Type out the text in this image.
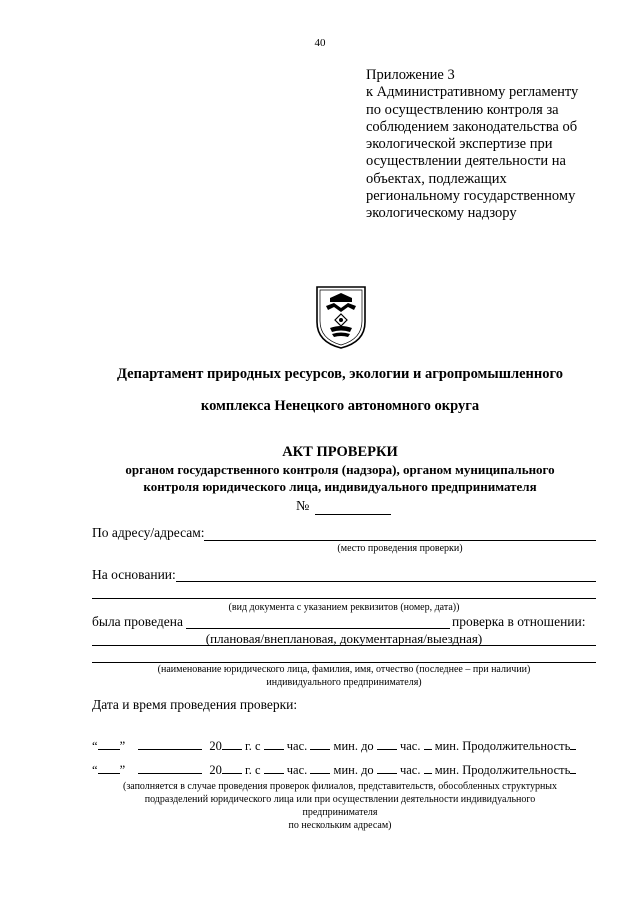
40
Приложение 3
к Административному регламенту
по осуществлению контроля за
соблюдением законодательства об
экологической экспертизе при
осуществлении деятельности на
объектах, подлежащих
региональному государственному
экологическому надзору
Департамент природных ресурсов, экологии и агропромышленного
комплекса Ненецкого автономного округа
АКТ ПРОВЕРКИ
органом государственного контроля (надзора), органом муниципального
контроля юридического лица, индивидуального предпринимателя
№
По адресу/адресам:
(место проведения проверки)
На основании:
(вид документа с указанием реквизитов (номер, дата))
была проведена	проверка в отношении:
(плановая/внеплановая, документарная/выездная)
(наименование юридического лица, фамилия, имя, отчество (последнее – при наличии)
индивидуального предпринимателя)
Дата и время проведения проверки:
“ ”	20 г. с час. мин. до час. мин. Продолжительность
“ ”	20 г. с час. мин. до час. мин. Продолжительность
(заполняется в случае проведения проверок филиалов, представительств, обособленных структурных
подразделений юридического лица или при осуществлении деятельности индивидуального
предпринимателя
по нескольким адресам)
